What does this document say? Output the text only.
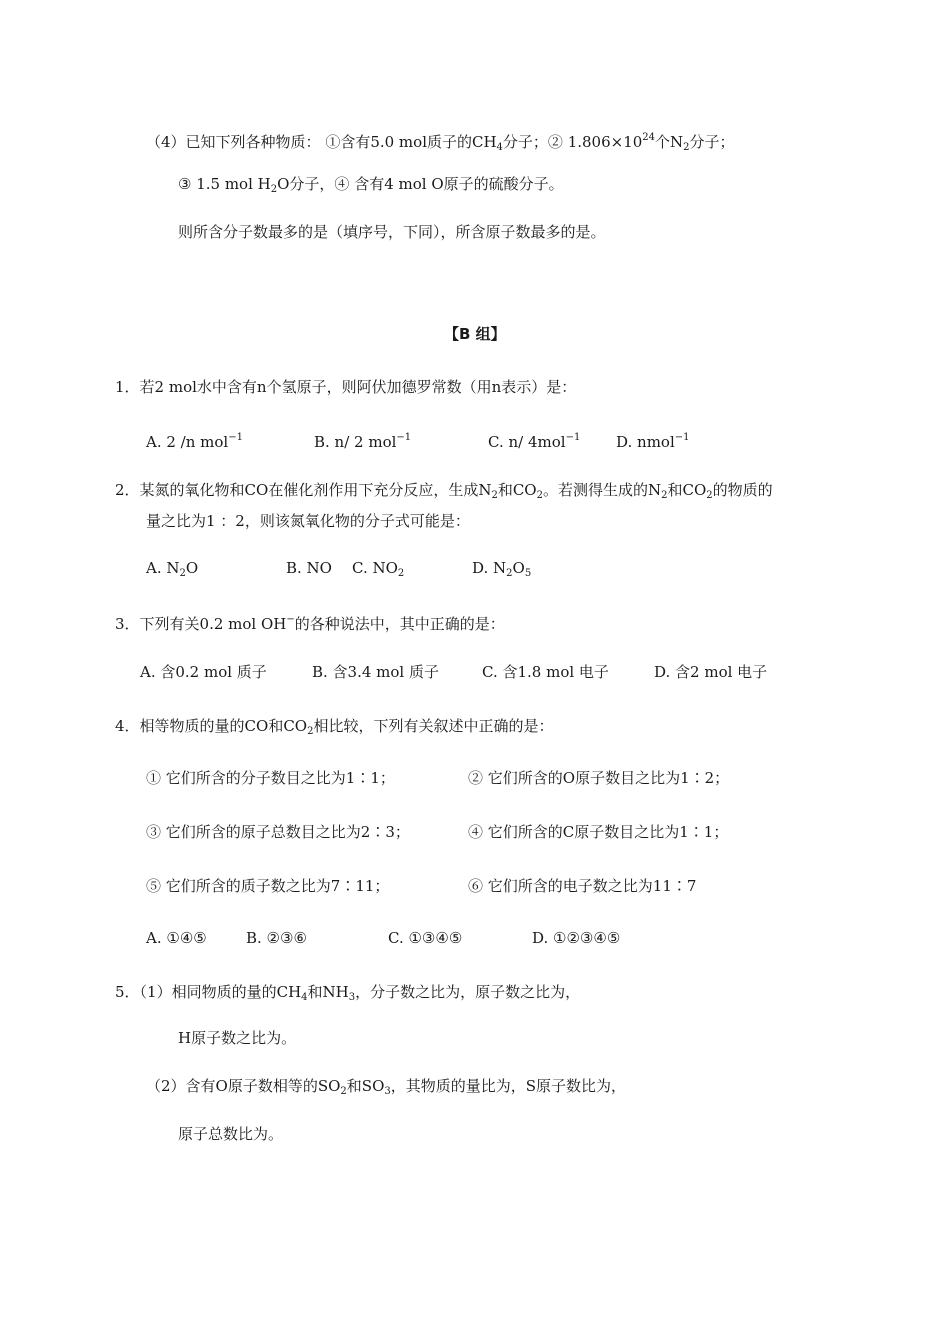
（4）已知下列各种物质： ①含有5.0 mol质子的$CH_4$分子；② $1.806\times 10^{24}$个$N_2$分子；
③ 1.5 mol $H_2O$分子，④ 含有4 mol O原子的硫酸分子。
则所含分子数最多的是（填序号，下同），所含原子数最多的是。
【B 组】
1．若2 mol水中含有n个氢原子，则阿伏加德罗常数（用n表示）是：
A. 2 /n mol$^{-1}$	B. n/ 2 mol$^{-1}$	C. n/ 4mol$^{-1}$ D. nmol$^{-1}$
2．某氮的氧化物和CO在催化剂作用下充分反应，生成$N_2$和$CO_2$。若测得生成的$N_2$和$CO_2$的物质的
量之比为1 ：2，则该氮氧化物的分子式可能是：
A. $N_2O$	B. NO C. $NO_2$	D. $N_2O_5$
3．下列有关0.2 mol OH−的各种说法中，其中正确的是：
A. 含0.2 mol 质子	B. 含3.4 mol 质子	C. 含1.8 mol 电子	D. 含2 mol 电子
4．相等物质的量的CO和$CO_2$相比较，下列有关叙述中正确的是：
① 它们所含的分子数目之比为1∶1；	② 它们所含的O原子数目之比为1∶2；
③ 它们所含的原子总数目之比为2∶3；	④ 它们所含的C原子数目之比为1∶1；
⑤ 它们所含的质子数之比为7∶11；	⑥ 它们所含的电子数之比为11∶7
A. ①④⑤	B. ②③⑥	C. ①③④⑤	D. ①②③④⑤
5．（1）相同物质的量的$CH_4$和$NH_3$，分子数之比为，原子数之比为，
H原子数之比为。
（2）含有O原子数相等的$SO_2$和$SO_3$，其物质的量比为，S原子数比为，
原子总数比为。
